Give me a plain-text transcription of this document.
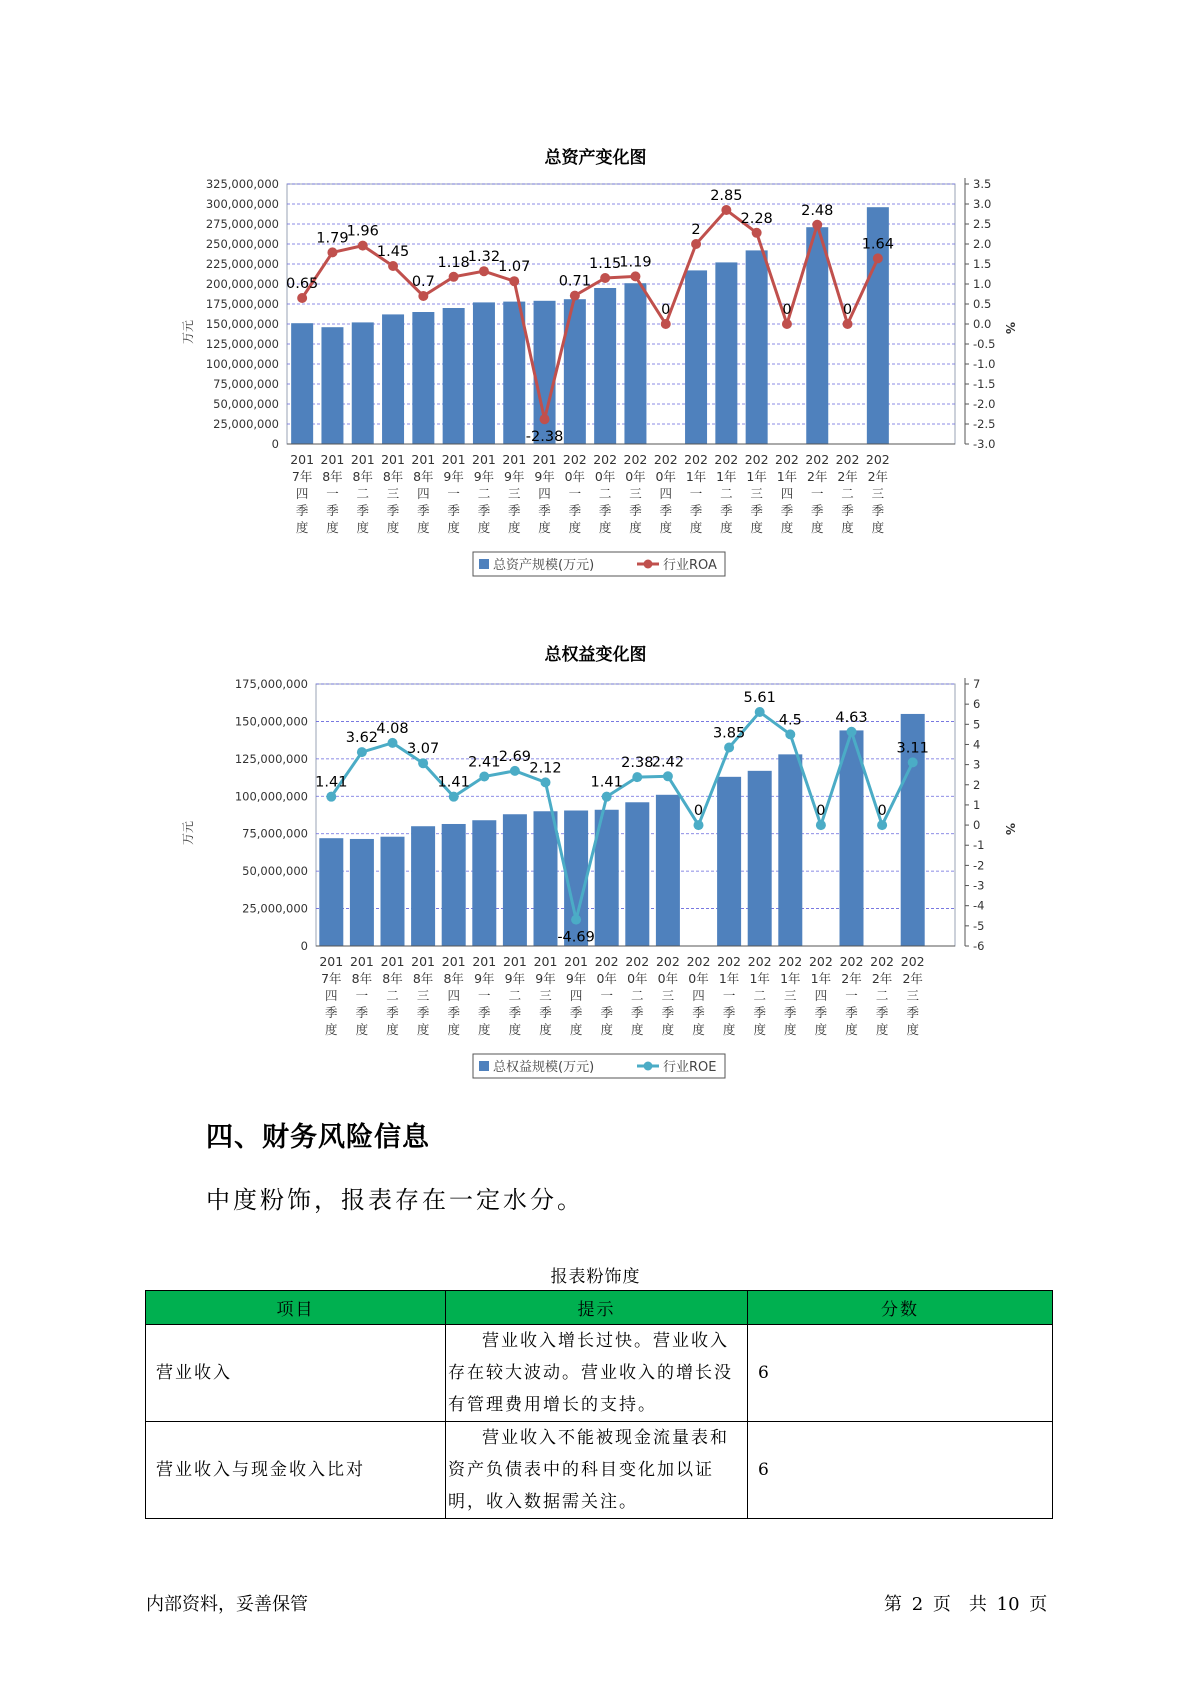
总资产变化图
0
25,000,000
50,000,000
75,000,000
100,000,000
125,000,000
150,000,000
175,000,000
200,000,000
225,000,000
250,000,000
275,000,000
300,000,000
325,000,000
-3.0
-2.5
-2.0
-1.5
-1.0
-0.5
0.0
0.5
1.0
1.5
2.0
2.5
3.0
3.5
万元	%
0.65
1.79
1.96
1.45
0.7
1.18
1.32
1.07
-2.38
0.71
1.15
1.19
0
2
2.85
2.28
0
2.48
0
1.64
201
7年
四
季
度
201
8年
一
季
度
201
8年
二
季
度
201
8年
三
季
度
201
8年
四
季
度
201
9年
一
季
度
201
9年
二
季
度
201
9年
三
季
度
201
9年
四
季
度
202
0年
一
季
度
202
0年
二
季
度
202
0年
三
季
度
202
0年
四
季
度
202
1年
一
季
度
202
1年
二
季
度
202
1年
三
季
度
202
1年
四
季
度
202
2年
一
季
度
202
2年
二
季
度
202
2年
三
季
度
总资产规模(万元)	行业ROA
总权益变化图
0
25,000,000
50,000,000
75,000,000
100,000,000
125,000,000
150,000,000
175,000,000
-6
-5
-4
-3
-2
-1
0
1
2
3
4
5
6
7
万元	%
1.41
3.62
4.08
3.07
1.41
2.41
2.69
2.12
-4.69
1.41
2.38
2.42
0
3.85
5.61
4.5
0
4.63
0
3.11
201
7年
四
季
度
201
8年
一
季
度
201
8年
二
季
度
201
8年
三
季
度
201
8年
四
季
度
201
9年
一
季
度
201
9年
二
季
度
201
9年
三
季
度
201
9年
四
季
度
202
0年
一
季
度
202
0年
二
季
度
202
0年
三
季
度
202
0年
四
季
度
202
1年
一
季
度
202
1年
二
季
度
202
1年
三
季
度
202
1年
四
季
度
202
2年
一
季
度
202
2年
二
季
度
202
2年
三
季
度
总权益规模(万元)	行业ROE
四、财务风险信息
中度粉饰，报表存在一定水分。
报表粉饰度
项目	提示	分数
营业收入	营业收入增长过快。营业收入存在较大波动。营业收入的增长没有管理费用增长的支持。	6
营业收入与现金收入比对	营业收入不能被现金流量表和资产负债表中的科目变化加以证明，收入数据需关注。	6
内部资料，妥善保管	第 2 页　共 10 页
